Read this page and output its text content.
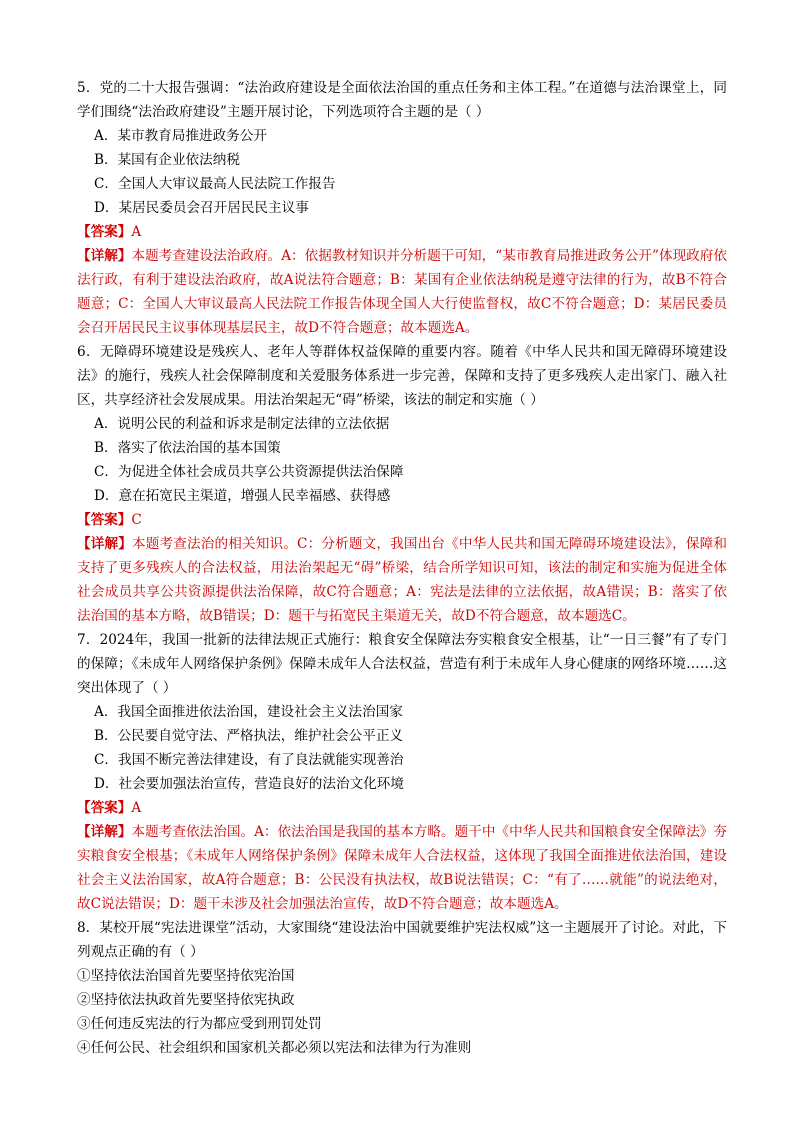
5．党的二十大报告强调：“法治政府建设是全面依法治国的重点任务和主体工程。”在道德与法治课堂上，同学们围绕“法治政府建设”主题开展讨论，下列选项符合主题的是（ ）

A．某市教育局推进政务公开

B．某国有企业依法纳税

C．全国人大审议最高人民法院工作报告

D．某居民委员会召开居民民主议事

【答案】A

【详解】本题考查建设法治政府。A：依据教材知识并分析题干可知，“某市教育局推进政务公开”体现政府依法行政，有利于建设法治政府，故A说法符合题意；B：某国有企业依法纳税是遵守法律的行为，故B不符合题意；C：全国人大审议最高人民法院工作报告体现全国人大行使监督权，故C不符合题意；D：某居民委员会召开居民民主议事体现基层民主，故D不符合题意；故本题选A。

6．无障碍环境建设是残疾人、老年人等群体权益保障的重要内容。随着《中华人民共和国无障碍环境建设法》的施行，残疾人社会保障制度和关爱服务体系进一步完善，保障和支持了更多残疾人走出家门、融入社区，共享经济社会发展成果。用法治架起无“碍”桥梁，该法的制定和实施（ ）

A．说明公民的利益和诉求是制定法律的立法依据

B．落实了依法治国的基本国策

C．为促进全体社会成员共享公共资源提供法治保障

D．意在拓宽民主渠道，增强人民幸福感、获得感

【答案】C

【详解】本题考查法治的相关知识。C：分析题文，我国出台《中华人民共和国无障碍环境建设法》，保障和支持了更多残疾人的合法权益，用法治架起无“碍”桥梁，结合所学知识可知，该法的制定和实施为促进全体社会成员共享公共资源提供法治保障，故C符合题意；A：宪法是法律的立法依据，故A错误；B：落实了依法治国的基本方略，故B错误；D：题干与拓宽民主渠道无关，故D不符合题意，故本题选C。

7．2024年，我国一批新的法律法规正式施行：粮食安全保障法夯实粮食安全根基，让“一日三餐”有了专门的保障；《未成年人网络保护条例》保障未成年人合法权益，营造有利于未成年人身心健康的网络环境……这突出体现了（ ）

A．我国全面推进依法治国，建设社会主义法治国家

B．公民要自觉守法、严格执法，维护社会公平正义

C．我国不断完善法律建设，有了良法就能实现善治

D．社会要加强法治宣传，营造良好的法治文化环境

【答案】A

【详解】本题考查依法治国。A：依法治国是我国的基本方略。题干中《中华人民共和国粮食安全保障法》夯实粮食安全根基；《未成年人网络保护条例》保障未成年人合法权益，这体现了我国全面推进依法治国，建设社会主义法治国家，故A符合题意；B：公民没有执法权，故B说法错误；C：“有了……就能”的说法绝对，故C说法错误；D：题干未涉及社会加强法治宣传，故D不符合题意；故本题选A。

8．某校开展“宪法进课堂”活动，大家围绕“建设法治中国就要维护宪法权威”这一主题展开了讨论。对此，下列观点正确的有（ ）

①坚持依法治国首先要坚持依宪治国

②坚持依法执政首先要坚持依宪执政

③任何违反宪法的行为都应受到刑罚处罚

④任何公民、社会组织和国家机关都必须以宪法和法律为行为准则
